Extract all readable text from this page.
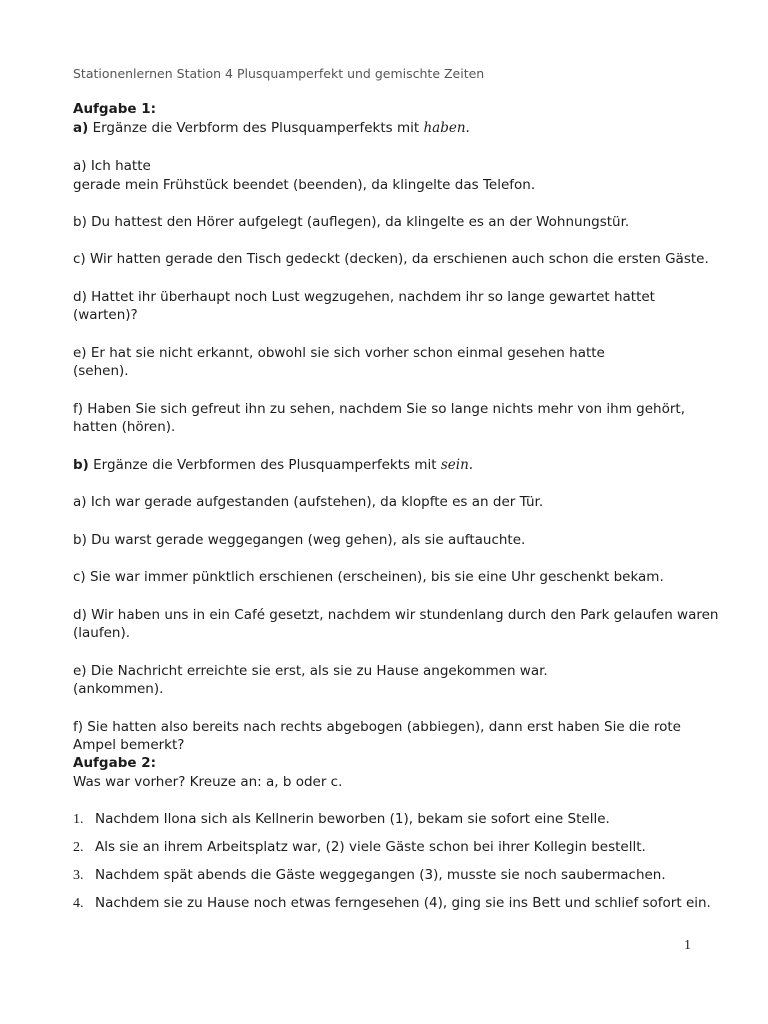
Stationenlernen Station 4 Plusquamperfekt und gemischte Zeiten
Aufgabe 1:
a) Ergänze die Verbform des Plusquamperfekts mit haben.
a) Ich hatte
gerade mein Frühstück beendet (beenden), da klingelte das Telefon.
b) Du hattest den Hörer aufgelegt (auflegen), da klingelte es an der Wohnungstür.
c) Wir hatten gerade den Tisch gedeckt (decken), da erschienen auch schon die ersten Gäste.
d) Hattet ihr überhaupt noch Lust wegzugehen, nachdem ihr so lange gewartet hattet
(warten)?
e) Er hat sie nicht erkannt, obwohl sie sich vorher schon einmal gesehen hatte
(sehen).
f) Haben Sie sich gefreut ihn zu sehen, nachdem Sie so lange nichts mehr von ihm gehört,
hatten (hören).
b) Ergänze die Verbformen des Plusquamperfekts mit sein.
a) Ich war gerade aufgestanden (aufstehen), da klopfte es an der Tür.
b) Du warst gerade weggegangen (weg gehen), als sie auftauchte.
c) Sie war immer pünktlich erschienen (erscheinen), bis sie eine Uhr geschenkt bekam.
d) Wir haben uns in ein Café gesetzt, nachdem wir stundenlang durch den Park gelaufen waren
(laufen).
e) Die Nachricht erreichte sie erst, als sie zu Hause angekommen war.
(ankommen).
f) Sie hatten also bereits nach rechts abgebogen (abbiegen), dann erst haben Sie die rote
Ampel bemerkt?
Aufgabe 2:
Was war vorher? Kreuze an: a, b oder c.
1. Nachdem Ilona sich als Kellnerin beworben (1), bekam sie sofort eine Stelle.
2. Als sie an ihrem Arbeitsplatz war, (2) viele Gäste schon bei ihrer Kollegin bestellt.
3. Nachdem spät abends die Gäste weggegangen (3), musste sie noch saubermachen.
4. Nachdem sie zu Hause noch etwas ferngesehen (4), ging sie ins Bett und schlief sofort ein.
1
